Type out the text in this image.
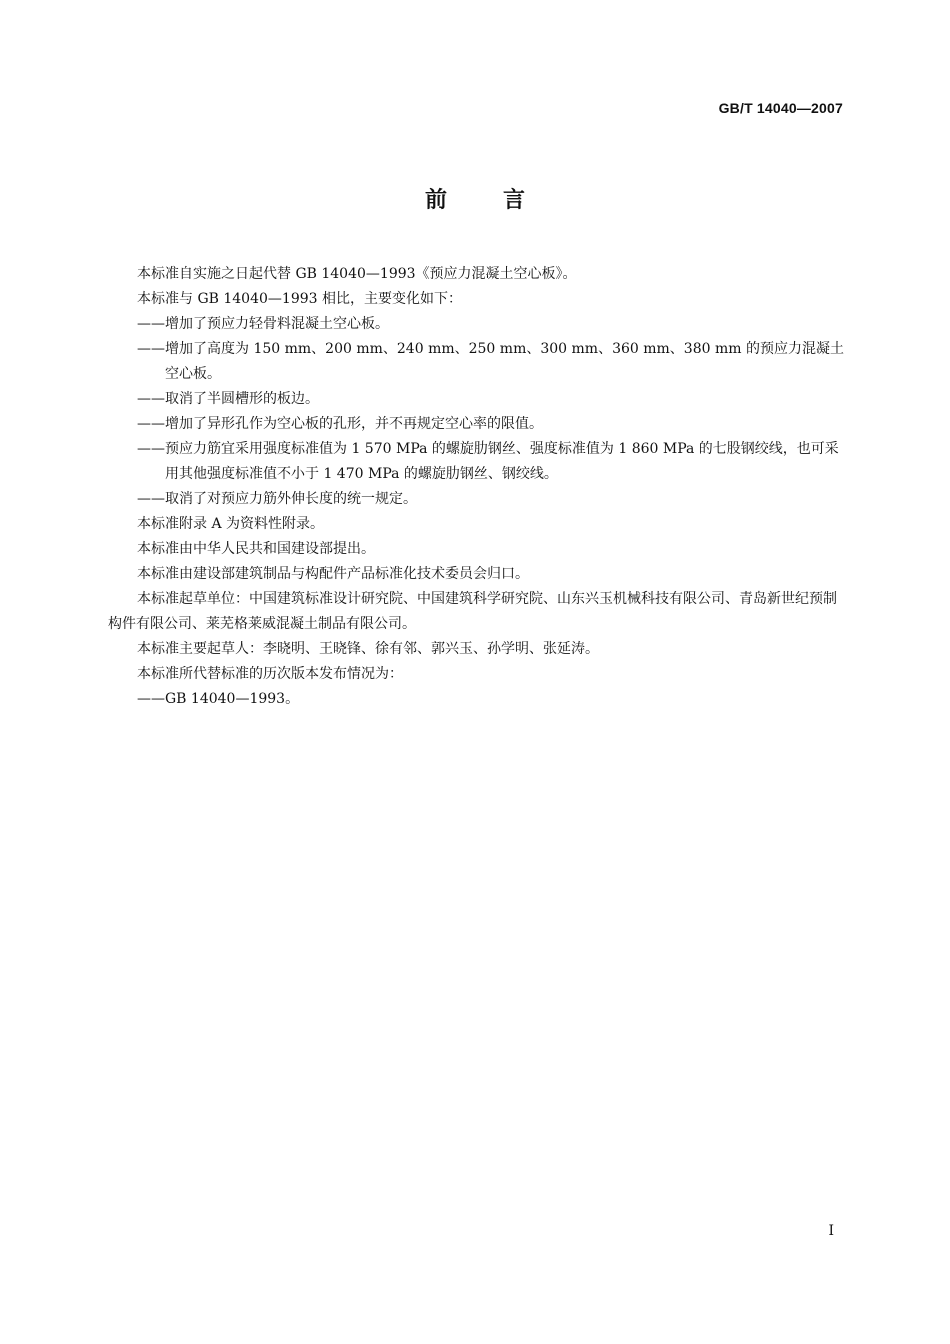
GB/T 14040—2007
前言

本标准自实施之日起代替 GB 14040—1993《预应力混凝土空心板》。

本标准与 GB 14040—1993 相比，主要变化如下：

——增加了预应力轻骨料混凝土空心板。

——增加了高度为 150 mm、200 mm、240 mm、250 mm、300 mm、360 mm、380 mm 的预应力混凝土空心板。

——取消了半圆槽形的板边。

——增加了异形孔作为空心板的孔形，并不再规定空心率的限值。

——预应力筋宜采用强度标准值为 1 570 MPa 的螺旋肋钢丝、强度标准值为 1 860 MPa 的七股钢绞线，也可采用其他强度标准值不小于 1 470 MPa 的螺旋肋钢丝、钢绞线。

——取消了对预应力筋外伸长度的统一规定。

本标准附录 A 为资料性附录。

本标准由中华人民共和国建设部提出。

本标准由建设部建筑制品与构配件产品标准化技术委员会归口。

本标准起草单位：中国建筑标准设计研究院、中国建筑科学研究院、山东兴玉机械科技有限公司、青岛新世纪预制构件有限公司、莱芜格莱威混凝土制品有限公司。

本标准主要起草人：李晓明、王晓锋、徐有邻、郭兴玉、孙学明、张延涛。

本标准所代替标准的历次版本发布情况为：

——GB 14040—1993。

I
